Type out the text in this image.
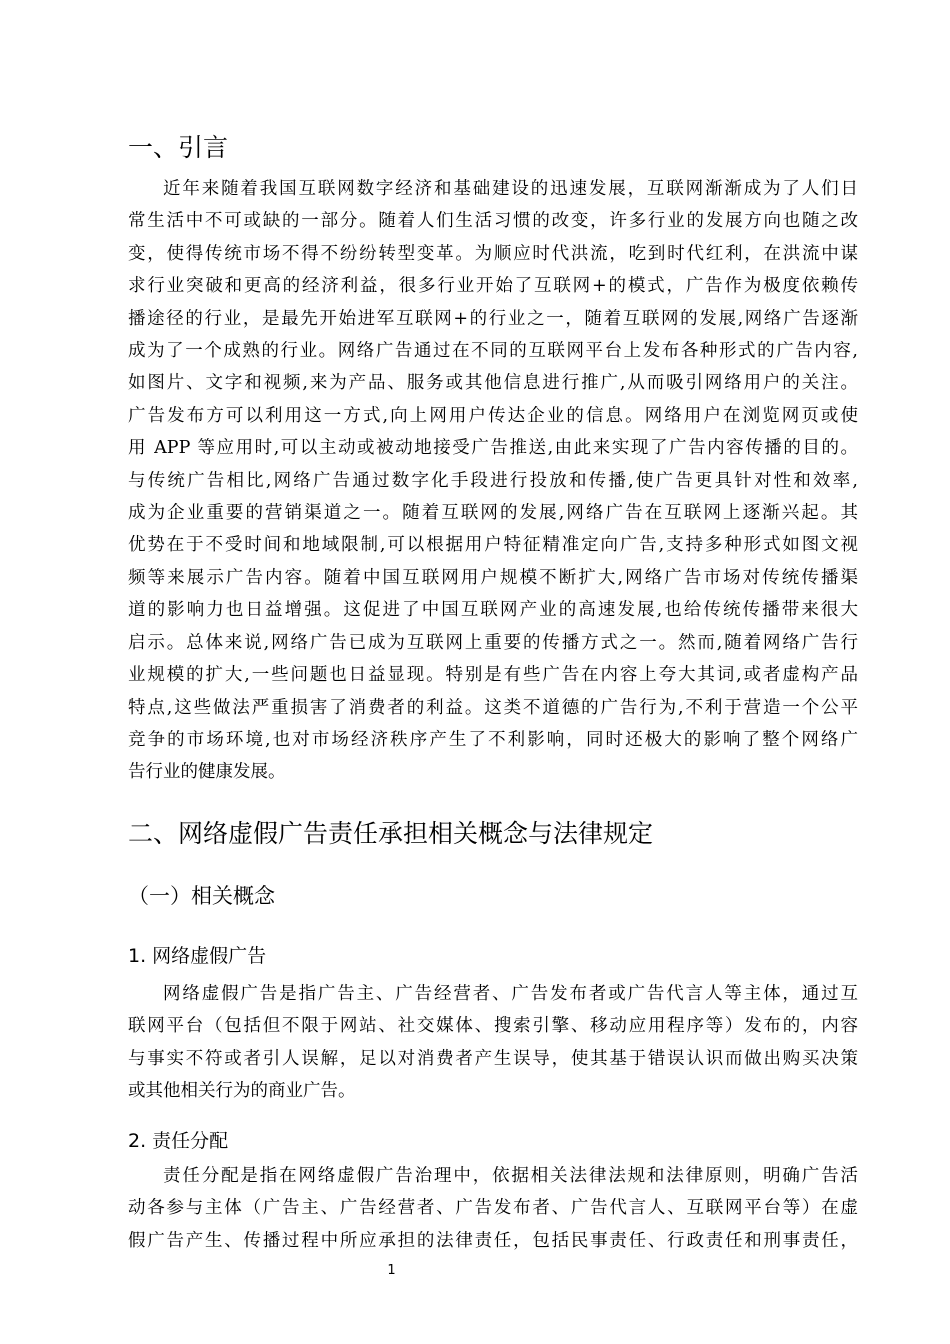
一、引言
近年来随着我国互联网数字经济和基础建设的迅速发展，互联网渐渐成为了人们日
常生活中不可或缺的一部分。随着人们生活习惯的改变，许多行业的发展方向也随之改
变，使得传统市场不得不纷纷转型变革。为顺应时代洪流，吃到时代红利，在洪流中谋
求行业突破和更高的经济利益，很多行业开始了互联网+的模式，广告作为极度依赖传
播途径的行业，是最先开始进军互联网+的行业之一，随着互联网的发展,网络广告逐渐
成为了一个成熟的行业。网络广告通过在不同的互联网平台上发布各种形式的广告内容,
如图片、文字和视频,来为产品、服务或其他信息进行推广,从而吸引网络用户的关注。
广告发布方可以利用这一方式,向上网用户传达企业的信息。网络用户在浏览网页或使
用 APP 等应用时,可以主动或被动地接受广告推送,由此来实现了广告内容传播的目的。
与传统广告相比,网络广告通过数字化手段进行投放和传播,使广告更具针对性和效率,
成为企业重要的营销渠道之一。随着互联网的发展,网络广告在互联网上逐渐兴起。其
优势在于不受时间和地域限制,可以根据用户特征精准定向广告,支持多种形式如图文视
频等来展示广告内容。随着中国互联网用户规模不断扩大,网络广告市场对传统传播渠
道的影响力也日益增强。这促进了中国互联网产业的高速发展,也给传统传播带来很大
启示。总体来说,网络广告已成为互联网上重要的传播方式之一。然而,随着网络广告行
业规模的扩大,一些问题也日益显现。特别是有些广告在内容上夸大其词,或者虚构产品
特点,这些做法严重损害了消费者的利益。这类不道德的广告行为,不利于营造一个公平
竞争的市场环境,也对市场经济秩序产生了不利影响，同时还极大的影响了整个网络广
告行业的健康发展。
二、网络虚假广告责任承担相关概念与法律规定
（一）相关概念
1. 网络虚假广告
网络虚假广告是指广告主、广告经营者、广告发布者或广告代言人等主体，通过互
联网平台（包括但不限于网站、社交媒体、搜索引擎、移动应用程序等）发布的，内容
与事实不符或者引人误解，足以对消费者产生误导，使其基于错误认识而做出购买决策
或其他相关行为的商业广告。
2. 责任分配
责任分配是指在网络虚假广告治理中，依据相关法律法规和法律原则，明确广告活
动各参与主体（广告主、广告经营者、广告发布者、广告代言人、互联网平台等）在虚
假广告产生、传播过程中所应承担的法律责任，包括民事责任、行政责任和刑事责任，
1
